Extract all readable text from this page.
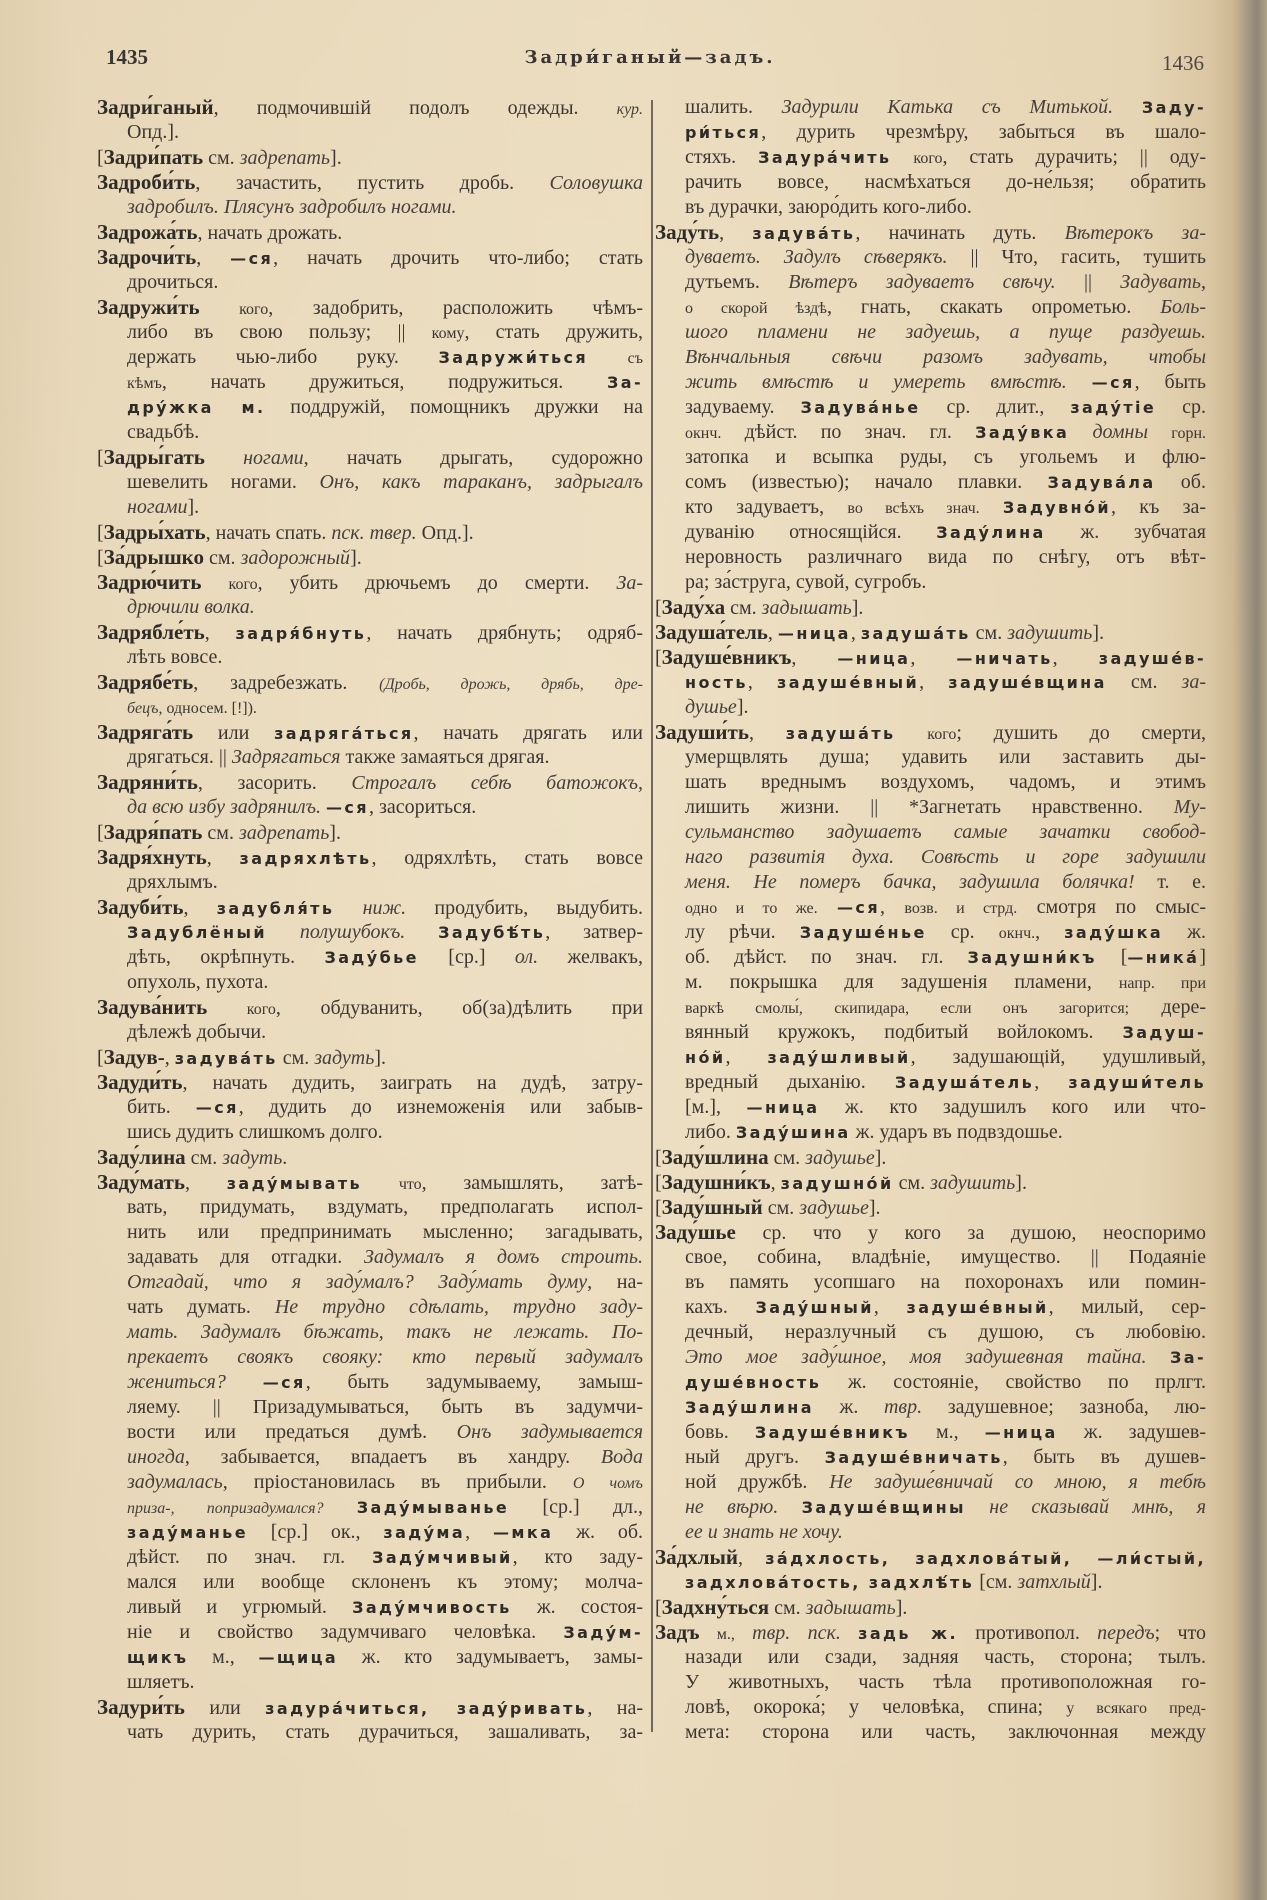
1435	Задри́ганый—задъ.	1436
Задри́ганый, подмочившій подолъ одежды. кур.
Опд.].
[Задри́пать см. задрепать].
Задроби́ть, зачастить, пустить дробь. Соловушка
задробилъ. Плясунъ задробилъ ногами.
Задрожа́ть, начать дрожать.
Задрочи́ть, —ся, начать дрочить что-либо; стать
дрочиться.
Задружи́ть кого, задобрить, расположить чѣмъ-
либо въ свою пользу; || кому, стать дружить,
держать чью-либо руку. Задружи́ться съ
кѣмъ, начать дружиться, подружиться. За-
дру́жка м. поддружій, помощникъ дружки на
свадьбѣ.
[Задры́гать ногами, начать дрыгать, судорожно
шевелить ногами. Онъ, какъ тараканъ, задрыгалъ
ногами].
[Задры́хать, начать спать. пск. твер. Опд.].
[За́дрышко см. задорожный].
Задрю́чить кого, убить дрючьемъ до смерти. За-
дрючили волка.
Задрябле́ть, задря́бнуть, начать дрябнуть; одряб-
лѣть вовсе.
Задрябе́ть, задребезжать. (Дробь, дрожь, дрябь, дре-
бецъ, односем. [!]).
Задряга́ть или задряга́ться, начать дрягать или
дрягаться. || Задрягаться также замаяться дрягая.
Задряни́ть, засорить. Строгалъ себѣ батожокъ,
да всю избу задрянилъ. —ся, засориться.
[Задря́пать см. задрепать].
Задря́хнуть, задряхлѣть, одряхлѣть, стать вовсе
дряхлымъ.
Задуби́ть, задубля́ть ниж. продубить, выдубить.
Задублёный полушубокъ. Задубѣ́ть, затвер-
дѣть, окрѣпнуть. Заду́бье [ср.] ол. желвакъ,
опухоль, пухота.
Задува́нить кого, обдуванить, об(за)дѣлить при
дѣлежѣ добычи.
[Задув-, задува́ть см. задуть].
Задуди́ть, начать дудить, заиграть на дудѣ, затру-
бить. —ся, дудить до изнеможенія или забыв-
шись дудить слишкомъ долго.
Заду́лина см. задуть.
Заду́мать, заду́мывать что, замышлять, затѣ-
вать, придумать, вздумать, предполагать испол-
нить или предпринимать мысленно; загадывать,
задавать для отгадки. Задумалъ я домъ строить.
Отгадай, что я заду́малъ? Заду́мать думу, на-
чать думать. Не трудно сдѣлать, трудно заду-
мать. Задумалъ бѣжать, такъ не лежать. По-
прекаетъ своякъ свояку: кто первый задумалъ
жениться? —ся, быть задумываему, замыш-
ляему. || Призадумываться, быть въ задумчи-
вости или предаться думѣ. Онъ задумывается
иногда, забывается, впадаетъ въ хандру. Вода
задумалась, пріостановилась въ прибыли. О чомъ
приза-, попризадумался? Заду́мыванье [ср.] дл.,
заду́манье [ср.] ок., заду́ма, —мка ж. об.
дѣйст. по знач. гл. Заду́мчивый, кто заду-
мался или вообще склоненъ къ этому; молча-
ливый и угрюмый. Заду́мчивость ж. состоя-
ніе и свойство задумчиваго человѣка. Заду́м-
щикъ м., —щица ж. кто задумываетъ, замы-
шляетъ.
Задури́ть или задура́читься, заду́ривать, на-
чать дурить, стать дурачиться, зашаливать, за-
шалить. Задурили Катька съ Митькой. Заду-
ри́ться, дурить чрезмѣру, забыться въ шало-
стяхъ. Задура́чить кого, стать дурачить; || оду-
рачить вовсе, насмѣхаться до-не́льзя; обратить
въ дурачки, заюро́дить кого-либо.
Заду́ть, задува́ть, начинать дуть. Вѣтерокъ за-
дуваетъ. Задулъ сѣверякъ. || Что, гасить, тушить
дутьемъ. Вѣтеръ задуваетъ свѣчу. || Задувать,
о скорой ѣздѣ, гнать, скакать опрометью. Боль-
шого пламени не задуешь, а пуще раздуешь.
Вѣнчальныя свѣчи разомъ задувать, чтобы
жить вмѣстѣ и умереть вмѣстѣ. —ся, быть
задуваему. Задува́нье ср. длит., заду́тіе ср.
окнч. дѣйст. по знач. гл. Заду́вка домны горн.
затопка и всыпка руды, съ угольемъ и флю-
сомъ (известью); начало плавки. Задува́ла об.
кто задуваетъ, во всѣхъ знач. Задувно́й, къ за-
дуванію относящійся. Заду́лина ж. зубчатая
неровность различнаго вида по снѣгу, отъ вѣт-
ра; за́струга, сувой, сугробъ.
[Заду́ха см. задышать].
Задуша́тель, —ница, задуша́ть см. задушить].
[Задуше́вникъ, —ница, —ничать, задуше́в-
ность, задуше́вный, задуше́вщина см. за-
душье].
Задуши́ть, задуша́ть кого; душить до смерти,
умерщвлять душа; удавить или заставить ды-
шать вреднымъ воздухомъ, чадомъ, и этимъ
лишить жизни. || *Загнетать нравственно. Му-
сульманство задушаетъ самые зачатки свобод-
наго развитія духа. Совѣсть и горе задушили
меня. Не померъ бачка, задушила болячка! т. е.
одно и то же. —ся, возв. и стрд. смотря по смыс-
лу рѣчи. Задуше́нье ср. окнч., заду́шка ж.
об. дѣйст. по знач. гл. Задушни́къ [—ника́]
м. покрышка для задушенія пламени, напр. при
варкѣ смолы́, скипидара, если онъ загорится; дере-
вянный кружокъ, подбитый войлокомъ. Задуш-
но́й, заду́шливый, задушающій, удушливый,
вредный дыханію. Задуша́тель, задуши́тель
[м.], —ница ж. кто задушилъ кого или что-
либо. Заду́шина ж. ударъ въ подвздошье.
[Заду́шлина см. задушье].
[Задушни́къ, задушно́й см. задушить].
[Заду́шный см. задушье].
Заду́шье ср. что у кого за душою, неоспоримо
свое, собина, владѣніе, имущество. || Подаяніе
въ память усопшаго на похоронахъ или помин-
кахъ. Заду́шный, задуше́вный, милый, сер-
дечный, неразлучный съ душою, съ любовію.
Это мое заду́шное, моя задушевная тайна. За-
душе́вность ж. состояніе, свойство по прлгт.
Заду́шлина ж. твр. задушевное; зазноба, лю-
бовь. Задуше́вникъ м., —ница ж. задушев-
ный другъ. Задуше́вничать, быть въ душев-
ной дружбѣ. Не задуше́вничай со мною, я тебѣ
не вѣрю. Задуше́вщины не сказывай мнѣ, я
ее и знать не хочу.
За́дхлый, за́дхлость, задхлова́тый, —ли́стый,
задхлова́тость, задхлѣ́ть [см. затхлый].
[Задхну́ться см. задышать].
Задъ м., твр. пск. задь ж. противопол. передъ; что
назади или сзади, задняя часть, сторона; тылъ.
У животныхъ, часть тѣла противоположная го-
ловѣ, окорока́; у человѣка, спина; у всякаго пред-
мета: сторона или часть, заключонная между
